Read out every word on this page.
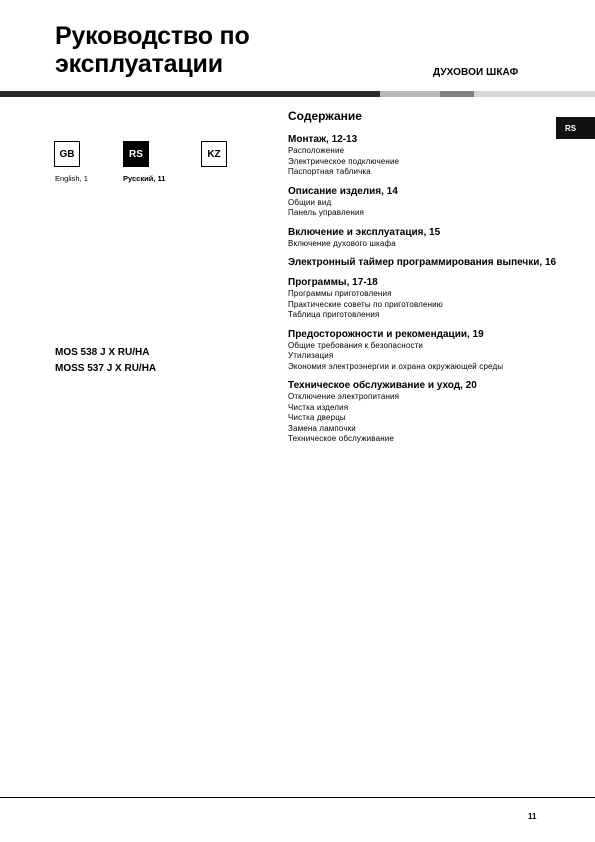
Руководство по
эксплуатации	ДУХОВОИ ШКАФ
GB	RS	KZ
English, 1	Русский, 11
MOS 538 J X RU/HA
MOSS 537 J X RU/HA
RS
Содержание
Монтаж, 12-13
Расположение
Электрическое подключение
Паспортная табличка
Описание изделия, 14
Общии вид
Панель управления
Включение и эксплуатация, 15
Включение духового шкафа
Электронный таймер программирования выпечки, 16
Программы, 17-18
Программы приготовления
Практические советы по приготовлению
Таблица приготовления
Предосторожности и рекомендации, 19
Общие требования к безопасности
Утилизация
Экономия электроэнергии и охрана окружающей среды
Техническое обслуживание и уход, 20
Отключение электропитания
Чистка изделия
Чистка дверцы
Замена лампочки
Техническое обслуживание
11
